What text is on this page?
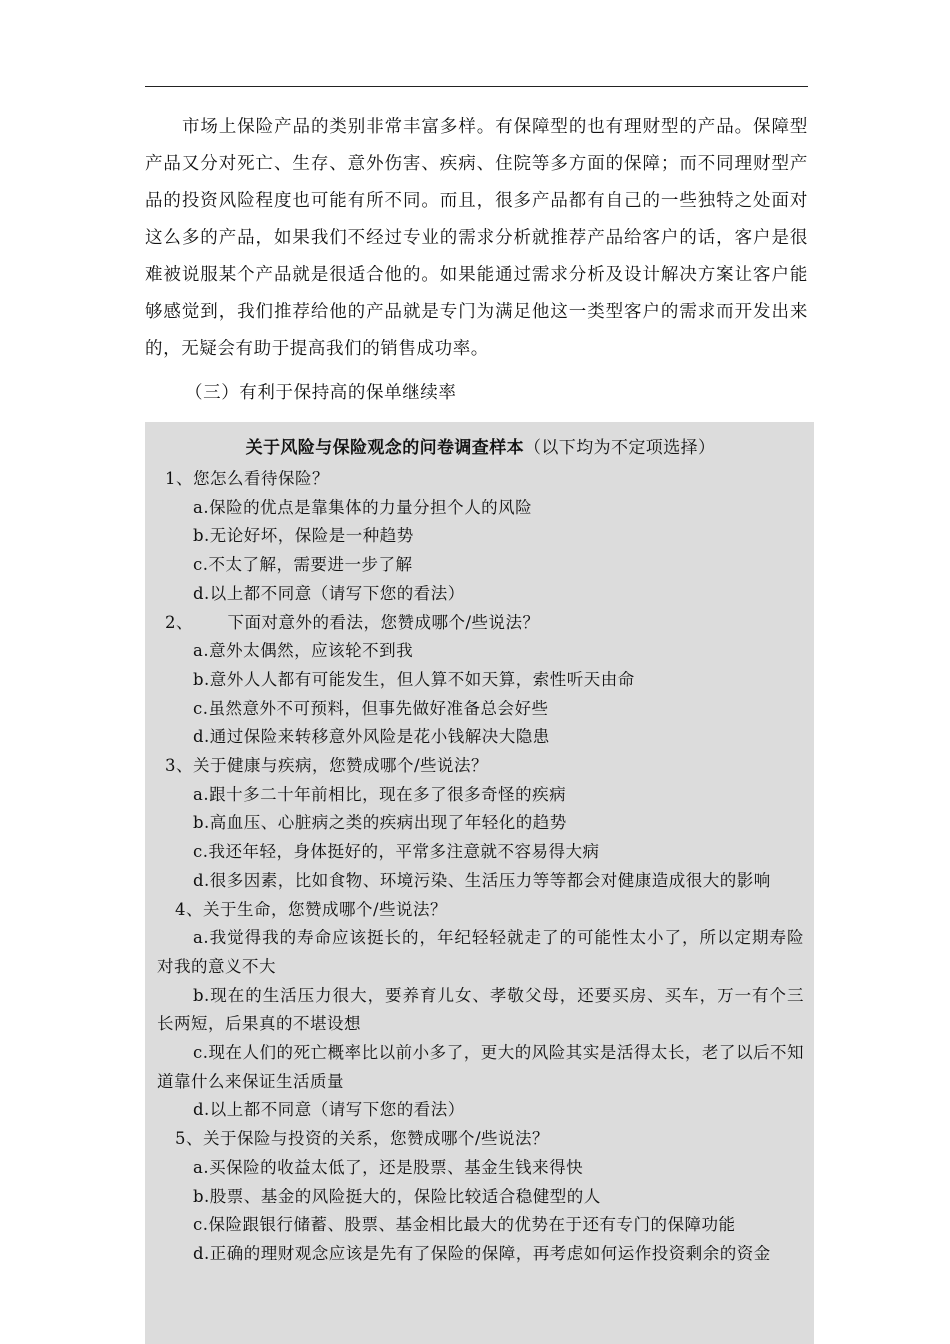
市场上保险产品的类别非常丰富多样。有保障型的也有理财型的产品。保障型产品又分对死亡、生存、意外伤害、疾病、住院等多方面的保障；而不同理财型产品的投资风险程度也可能有所不同。而且，很多产品都有自己的一些独特之处面对这么多的产品，如果我们不经过专业的需求分析就推荐产品给客户的话，客户是很难被说服某个产品就是很适合他的。如果能通过需求分析及设计解决方案让客户能够感觉到，我们推荐给他的产品就是专门为满足他这一类型客户的需求而开发出来的，无疑会有助于提高我们的销售成功率。

（三）有利于保持高的保单继续率

关于风险与保险观念的问卷调查样本（以下均为不定项选择）

1、您怎么看待保险？

a.保险的优点是靠集体的力量分担个人的风险

b.无论好坏，保险是一种趋势

c.不太了解，需要进一步了解

d.以上都不同意（请写下您的看法）

2、      下面对意外的看法，您赞成哪个/些说法？

a.意外太偶然，应该轮不到我

b.意外人人都有可能发生，但人算不如天算，索性听天由命

c.虽然意外不可预料，但事先做好准备总会好些

d.通过保险来转移意外风险是花小钱解决大隐患

3、关于健康与疾病，您赞成哪个/些说法？

a.跟十多二十年前相比，现在多了很多奇怪的疾病

b.高血压、心脏病之类的疾病出现了年轻化的趋势

c.我还年轻，身体挺好的，平常多注意就不容易得大病

d.很多因素，比如食物、环境污染、生活压力等等都会对健康造成很大的影响

4、关于生命，您赞成哪个/些说法？

a.我觉得我的寿命应该挺长的，年纪轻轻就走了的可能性太小了，所以定期寿险对我的意义不大

b.现在的生活压力很大，要养育儿女、孝敬父母，还要买房、买车，万一有个三长两短，后果真的不堪设想

c.现在人们的死亡概率比以前小多了，更大的风险其实是活得太长，老了以后不知道靠什么来保证生活质量

d.以上都不同意（请写下您的看法）

5、关于保险与投资的关系，您赞成哪个/些说法？

a.买保险的收益太低了，还是股票、基金生钱来得快

b.股票、基金的风险挺大的，保险比较适合稳健型的人

c.保险跟银行储蓄、股票、基金相比最大的优势在于还有专门的保障功能

d.正确的理财观念应该是先有了保险的保障，再考虑如何运作投资剩余的资金
